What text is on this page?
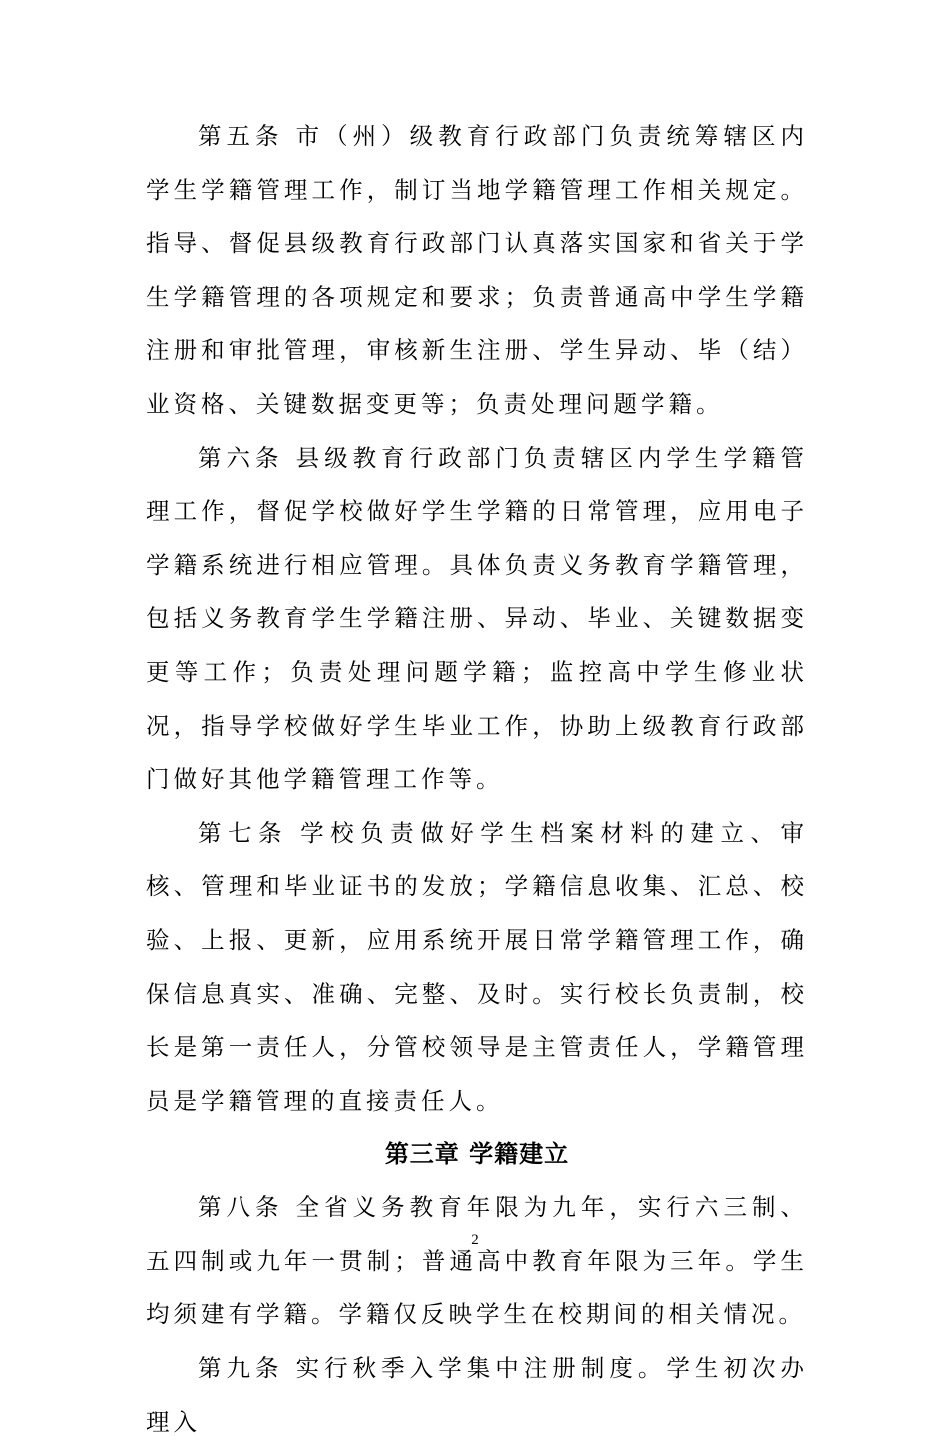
第五条 市（州）级教育行政部门负责统筹辖区内学生学籍管理工作，制订当地学籍管理工作相关规定。指导、督促县级教育行政部门认真落实国家和省关于学生学籍管理的各项规定和要求；负责普通高中学生学籍注册和审批管理，审核新生注册、学生异动、毕（结）业资格、关键数据变更等；负责处理问题学籍。

第六条 县级教育行政部门负责辖区内学生学籍管理工作，督促学校做好学生学籍的日常管理，应用电子学籍系统进行相应管理。具体负责义务教育学籍管理，包括义务教育学生学籍注册、异动、毕业、关键数据变更等工作；负责处理问题学籍；监控高中学生修业状况，指导学校做好学生毕业工作，协助上级教育行政部门做好其他学籍管理工作等。

第七条 学校负责做好学生档案材料的建立、审核、管理和毕业证书的发放；学籍信息收集、汇总、校验、上报、更新，应用系统开展日常学籍管理工作，确保信息真实、准确、完整、及时。实行校长负责制，校长是第一责任人，分管校领导是主管责任人，学籍管理员是学籍管理的直接责任人。

第三章 学籍建立

第八条 全省义务教育年限为九年，实行六三制、五四制或九年一贯制；普通高中教育年限为三年。学生均须建有学籍。学籍仅反映学生在校期间的相关情况。

第九条 实行秋季入学集中注册制度。学生初次办理入

2
